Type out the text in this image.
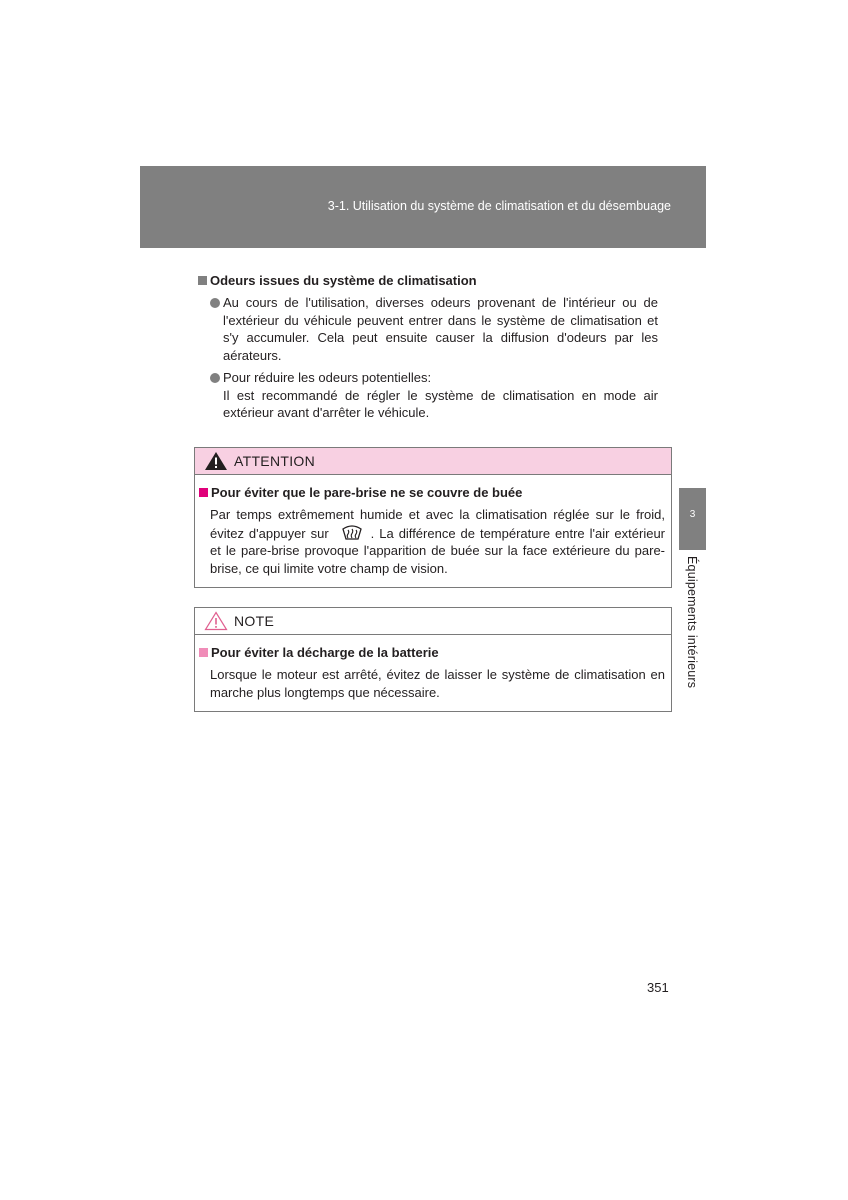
3-1. Utilisation du système de climatisation et du désembuage
Odeurs issues du système de climatisation
Au cours de l'utilisation, diverses odeurs provenant de l'intérieur ou de l'extérieur du véhicule peuvent entrer dans le système de climatisation et s'y accumuler. Cela peut ensuite causer la diffusion d'odeurs par les aérateurs.
Pour réduire les odeurs potentielles:
Il est recommandé de régler le système de climatisation en mode air extérieur avant d'arrêter le véhicule.
ATTENTION
Pour éviter que le pare-brise ne se couvre de buée
Par temps extrêmement humide et avec la climatisation réglée sur le froid, évitez d'appuyer sur	. La différence de température entre l'air extérieur et le pare-brise provoque l'apparition de buée sur la face extérieure du pare-brise, ce qui limite votre champ de vision.
NOTE
Pour éviter la décharge de la batterie
Lorsque le moteur est arrêté, évitez de laisser le système de climatisation en marche plus longtemps que nécessaire.
3
Équipements intérieurs
351
